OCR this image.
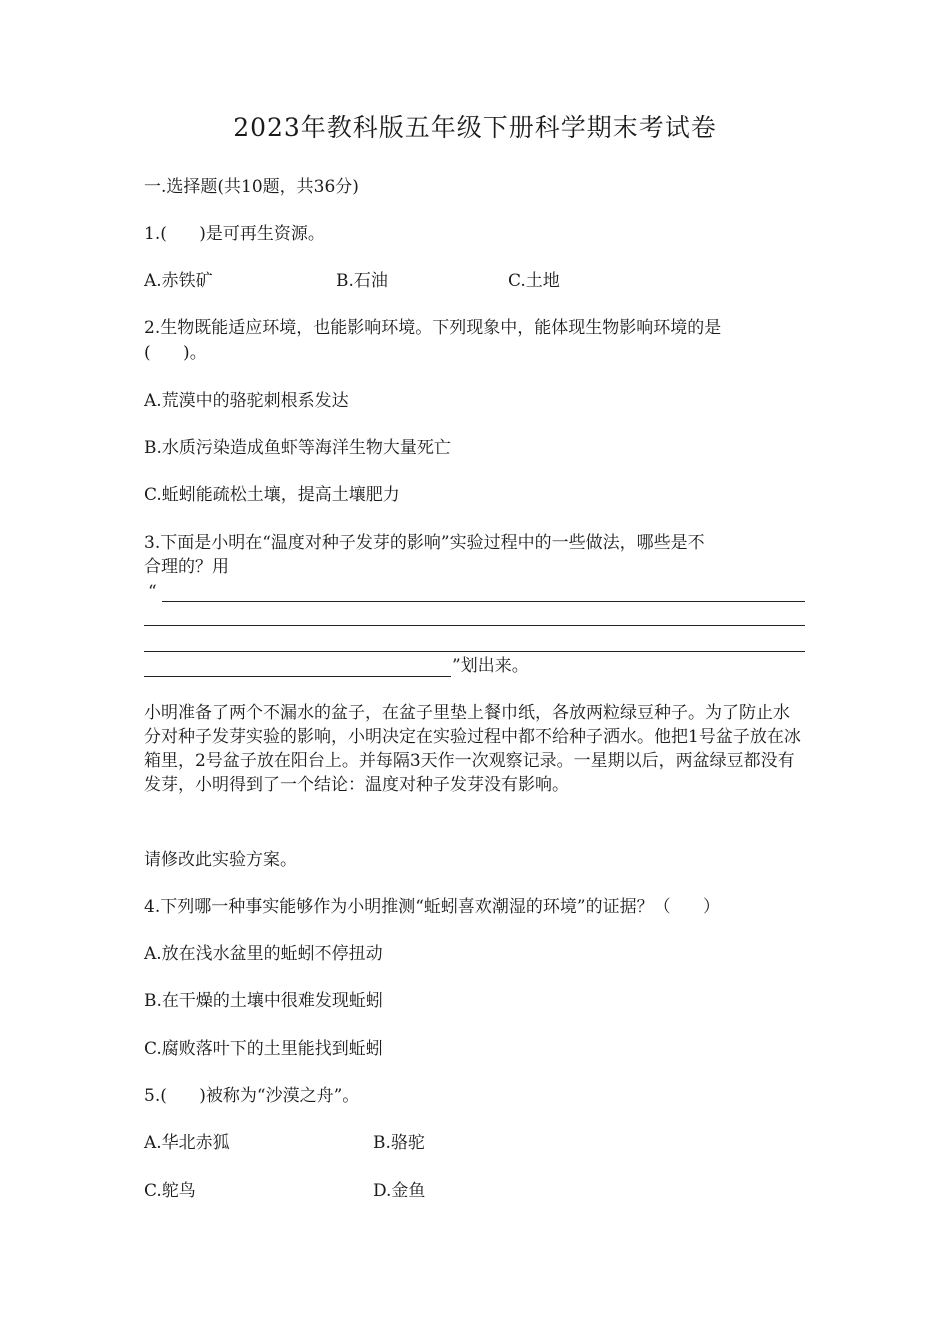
2023年教科版五年级下册科学期末考试卷
一.选择题(共10题，共36分)
1.(      )是可再生资源。
A.赤铁矿	B.石油	C.土地
2.生物既能适应环境，也能影响环境。下列现象中，能体现生物影响环境的是
(      )。
A.荒漠中的骆驼刺根系发达
B.水质污染造成鱼虾等海洋生物大量死亡
C.蚯蚓能疏松土壤，提高土壤肥力
3.下面是小明在“温度对种子发芽的影响”实验过程中的一些做法，哪些是不
合理的？用
“
”划出来。
小明准备了两个不漏水的盆子，在盆子里垫上餐巾纸，各放两粒绿豆种子。为了防止水分对种子发芽实验的影响，小明决定在实验过程中都不给种子洒水。他把1号盆子放在冰箱里，2号盆子放在阳台上。并每隔3天作一次观察记录。一星期以后，两盆绿豆都没有发芽，小明得到了一个结论：温度对种子发芽没有影响。
请修改此实验方案。
4.下列哪一种事实能够作为小明推测“蚯蚓喜欢潮湿的环境”的证据？（      ）
A.放在浅水盆里的蚯蚓不停扭动
B.在干燥的土壤中很难发现蚯蚓
C.腐败落叶下的土里能找到蚯蚓
5.(      )被称为“沙漠之舟”。
A.华北赤狐	B.骆驼
C.鸵鸟	D.金鱼
